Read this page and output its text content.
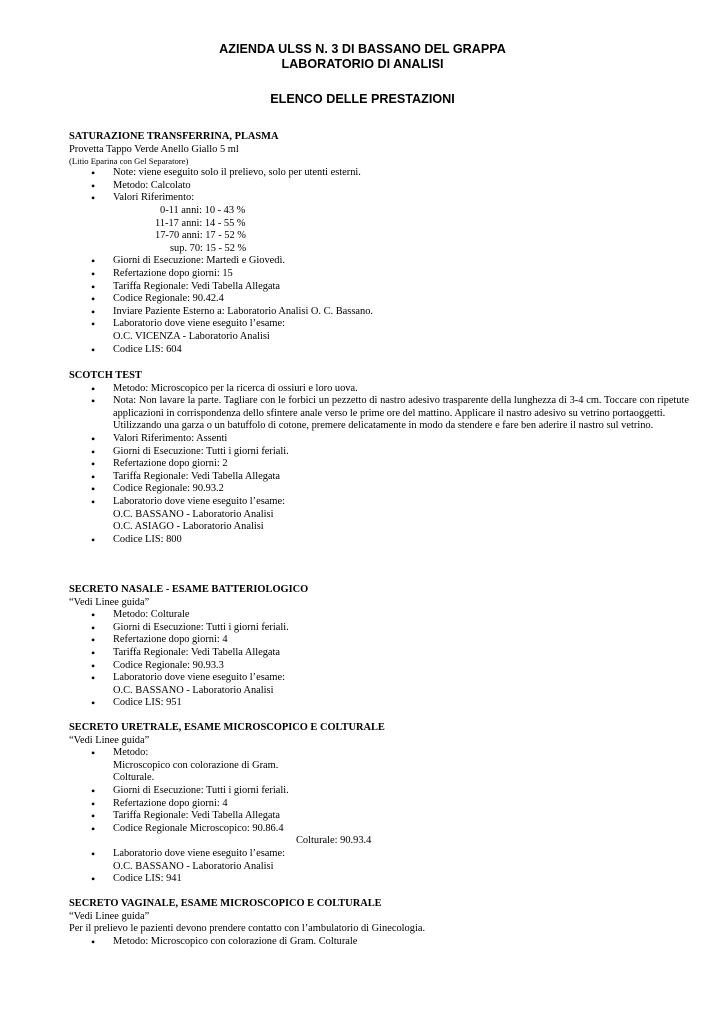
AZIENDA ULSS N. 3 DI BASSANO DEL GRAPPA
LABORATORIO DI ANALISI
ELENCO DELLE PRESTAZIONI
SATURAZIONE TRANSFERRINA, PLASMA
Provetta Tappo Verde Anello Giallo 5 ml
(Litio Eparina con Gel Separatore)
• Note: viene eseguito solo il prelievo, solo per utenti esterni.
• Metodo: Calcolato
• Valori Riferimento:
0-11 anni: 10 - 43 %
11-17 anni: 14 - 55 %
17-70 anni: 17 - 52 %
sup. 70: 15 - 52 %
• Giorni di Esecuzione: Martedì e Giovedì.
• Refertazione dopo giorni: 15
• Tariffa Regionale: Vedi Tabella Allegata
• Codice Regionale: 90.42.4
• Inviare Paziente Esterno a: Laboratorio Analisi O. C. Bassano.
• Laboratorio dove viene eseguito l’esame:
O.C. VICENZA - Laboratorio Analisi
• Codice LIS: 604
SCOTCH TEST
• Metodo: Microscopico per la ricerca di ossiuri e loro uova.
• Nota: Non lavare la parte. Tagliare con le forbici un pezzetto di nastro adesivo trasparente della lunghezza di 3-4 cm. Toccare con ripetute applicazioni in corrispondenza dello sfintere anale verso le prime ore del mattino. Applicare il nastro adesivo su vetrino portaoggetti.
Utilizzando una garza o un batuffolo di cotone, premere delicatamente in modo da stendere e fare ben aderire il nastro sul vetrino.
• Valori Riferimento: Assenti
• Giorni di Esecuzione: Tutti i giorni feriali.
• Refertazione dopo giorni: 2
• Tariffa Regionale: Vedi Tabella Allegata
• Codice Regionale: 90.93.2
• Laboratorio dove viene eseguito l’esame:
O.C. BASSANO - Laboratorio Analisi
O.C. ASIAGO - Laboratorio Analisi
• Codice LIS: 800
SECRETO NASALE - ESAME BATTERIOLOGICO
“Vedi Linee guida”
• Metodo: Colturale
• Giorni di Esecuzione: Tutti i giorni feriali.
• Refertazione dopo giorni: 4
• Tariffa Regionale: Vedi Tabella Allegata
• Codice Regionale: 90.93.3
• Laboratorio dove viene eseguito l’esame:
O.C. BASSANO - Laboratorio Analisi
• Codice LIS: 951
SECRETO URETRALE, ESAME MICROSCOPICO E COLTURALE
“Vedi Linee guida”
• Metodo:
Microscopico con colorazione di Gram.
Colturale.
• Giorni di Esecuzione: Tutti i giorni feriali.
• Refertazione dopo giorni: 4
• Tariffa Regionale: Vedi Tabella Allegata
• Codice Regionale Microscopico: 90.86.4
Colturale: 90.93.4
• Laboratorio dove viene eseguito l’esame:
O.C. BASSANO - Laboratorio Analisi
• Codice LIS: 941
SECRETO VAGINALE, ESAME MICROSCOPICO E COLTURALE
“Vedi Linee guida”
Per il prelievo le pazienti devono prendere contatto con l’ambulatorio di Ginecologia.
• Metodo: Microscopico con colorazione di Gram. Colturale
